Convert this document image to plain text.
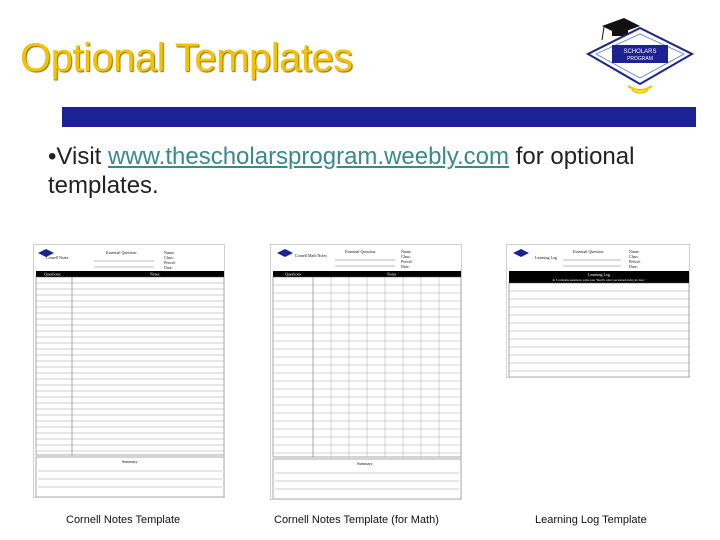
Optional Templates	SCHOLARS
PROGRAM
•Visit www.thescholarsprogram.weebly.com for optional templates.
Cornell Notes
Essential Question:	Name:
Class:
Period:
Date:
Questions:	Notes:
Summary
Cornell Math Notes
Essential Question:	Name:
Class:
Period:
Date:
Questions	Notes
Summary
Learning Log
Essential Question:	Name:
Class:
Period:
Date:
Learning Log
In 5 complete sentences, write your "Really what you learned today in class."
Cornell Notes Template	Cornell Notes Template (for Math)	Learning Log Template
